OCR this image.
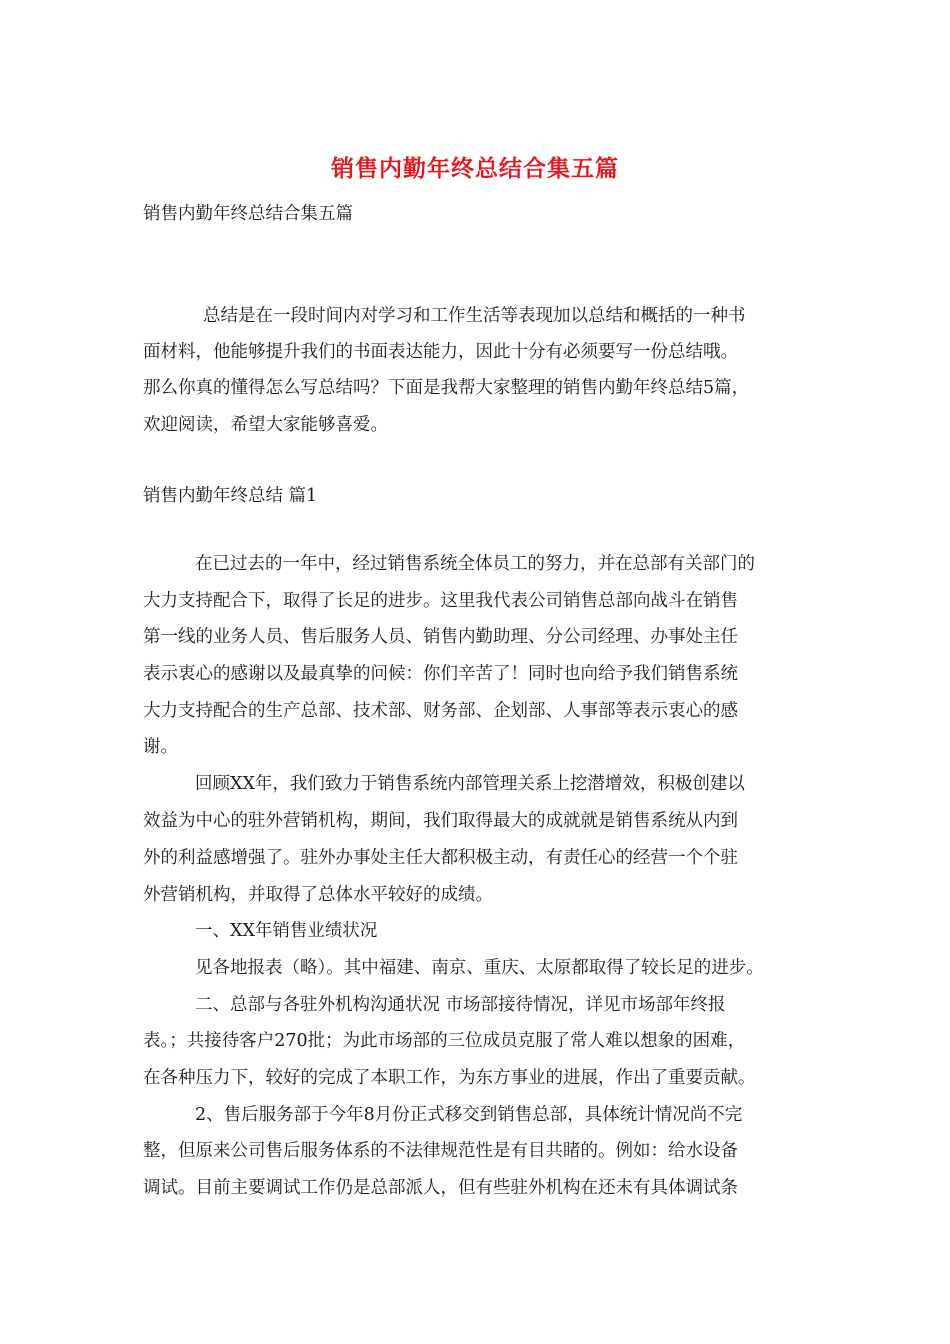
销售内勤年终总结合集五篇
销售内勤年终总结合集五篇
总结是在一段时间内对学习和工作生活等表现加以总结和概括的一种书
面材料，他能够提升我们的书面表达能力，因此十分有必须要写一份总结哦。
那么你真的懂得怎么写总结吗？下面是我帮大家整理的销售内勤年终总结5篇，
欢迎阅读，希望大家能够喜爱。
销售内勤年终总结 篇1
在已过去的一年中，经过销售系统全体员工的努力，并在总部有关部门的
大力支持配合下，取得了长足的进步。这里我代表公司销售总部向战斗在销售
第一线的业务人员、售后服务人员、销售内勤助理、分公司经理、办事处主任
表示衷心的感谢以及最真挚的问候：你们辛苦了！同时也向给予我们销售系统
大力支持配合的生产总部、技术部、财务部、企划部、人事部等表示衷心的感
谢。
回顾XX年，我们致力于销售系统内部管理关系上挖潜增效，积极创建以
效益为中心的驻外营销机构，期间，我们取得最大的成就就是销售系统从内到
外的利益感增强了。驻外办事处主任大都积极主动，有责任心的经营一个个驻
外营销机构，并取得了总体水平较好的成绩。
一、XX年销售业绩状况
见各地报表（略）。其中福建、南京、重庆、太原都取得了较长足的进步。
二、总部与各驻外机构沟通状况 市场部接待情况，详见市场部年终报
表。；共接待客户270批；为此市场部的三位成员克服了常人难以想象的困难，
在各种压力下，较好的完成了本职工作，为东方事业的进展，作出了重要贡献。
2、售后服务部于今年8月份正式移交到销售总部，具体统计情况尚不完
整，但原来公司售后服务体系的不法律规范性是有目共睹的。例如：给水设备
调试。目前主要调试工作仍是总部派人，但有些驻外机构在还未有具体调试条
